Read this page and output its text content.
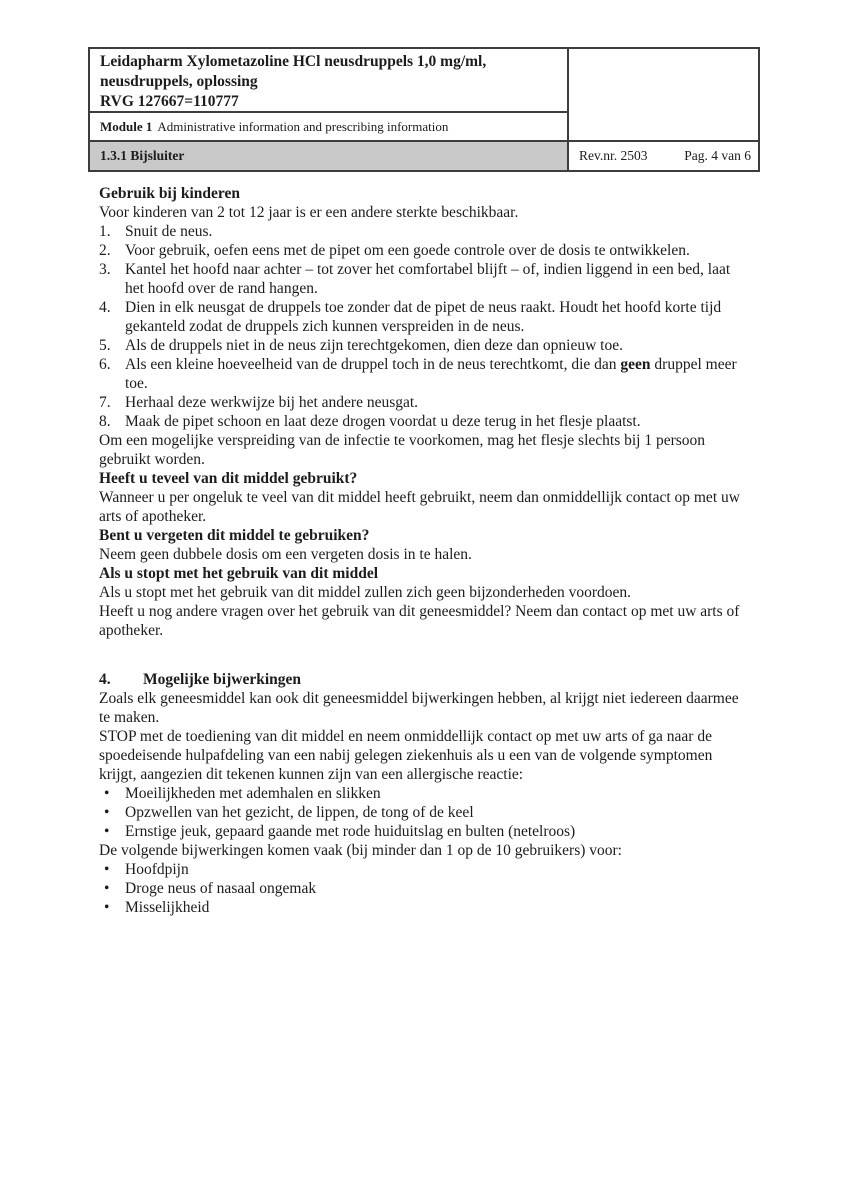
Leidapharm Xylometazoline HCl neusdruppels 1,0 mg/ml,
neusdruppels, oplossing
RVG 127667=110777
Module 1 Administrative information and prescribing information
1.3.1 Bijsluiter	Rev.nr. 2503	Pag. 4 van 6
Gebruik bij kinderen

Voor kinderen van 2 tot 12 jaar is er een andere sterkte beschikbaar.

1. Snuit de neus.
2. Voor gebruik, oefen eens met de pipet om een goede controle over de dosis te ontwikkelen.
3. Kantel het hoofd naar achter – tot zover het comfortabel blijft – of, indien liggend in een bed, laat het hoofd over de rand hangen.
4. Dien in elk neusgat de druppels toe zonder dat de pipet de neus raakt. Houdt het hoofd korte tijd gekanteld zodat de druppels zich kunnen verspreiden in de neus.
5. Als de druppels niet in de neus zijn terechtgekomen, dien deze dan opnieuw toe.
6. Als een kleine hoeveelheid van de druppel toch in de neus terechtkomt, die dan geen druppel meer toe.
7. Herhaal deze werkwijze bij het andere neusgat.
8. Maak de pipet schoon en laat deze drogen voordat u deze terug in het flesje plaatst.

Om een mogelijke verspreiding van de infectie te voorkomen, mag het flesje slechts bij 1 persoon gebruikt worden.

Heeft u teveel van dit middel gebruikt?

Wanneer u per ongeluk te veel van dit middel heeft gebruikt, neem dan onmiddellijk contact op met uw arts of apotheker.

Bent u vergeten dit middel te gebruiken?

Neem geen dubbele dosis om een vergeten dosis in te halen.

Als u stopt met het gebruik van dit middel

Als u stopt met het gebruik van dit middel zullen zich geen bijzonderheden voordoen.

Heeft u nog andere vragen over het gebruik van dit geneesmiddel? Neem dan contact op met uw arts of apotheker.

4.	Mogelijke bijwerkingen

Zoals elk geneesmiddel kan ook dit geneesmiddel bijwerkingen hebben, al krijgt niet iedereen daarmee te maken.

STOP met de toediening van dit middel en neem onmiddellijk contact op met uw arts of ga naar de spoedeisende hulpafdeling van een nabij gelegen ziekenhuis als u een van de volgende symptomen krijgt, aangezien dit tekenen kunnen zijn van een allergische reactie:

•	Moeilijkheden met ademhalen en slikken
•	Opzwellen van het gezicht, de lippen, de tong of de keel
•	Ernstige jeuk, gepaard gaande met rode huiduitslag en bulten (netelroos)

De volgende bijwerkingen komen vaak (bij minder dan 1 op de 10 gebruikers) voor:

•	Hoofdpijn
•	Droge neus of nasaal ongemak
•	Misselijkheid
